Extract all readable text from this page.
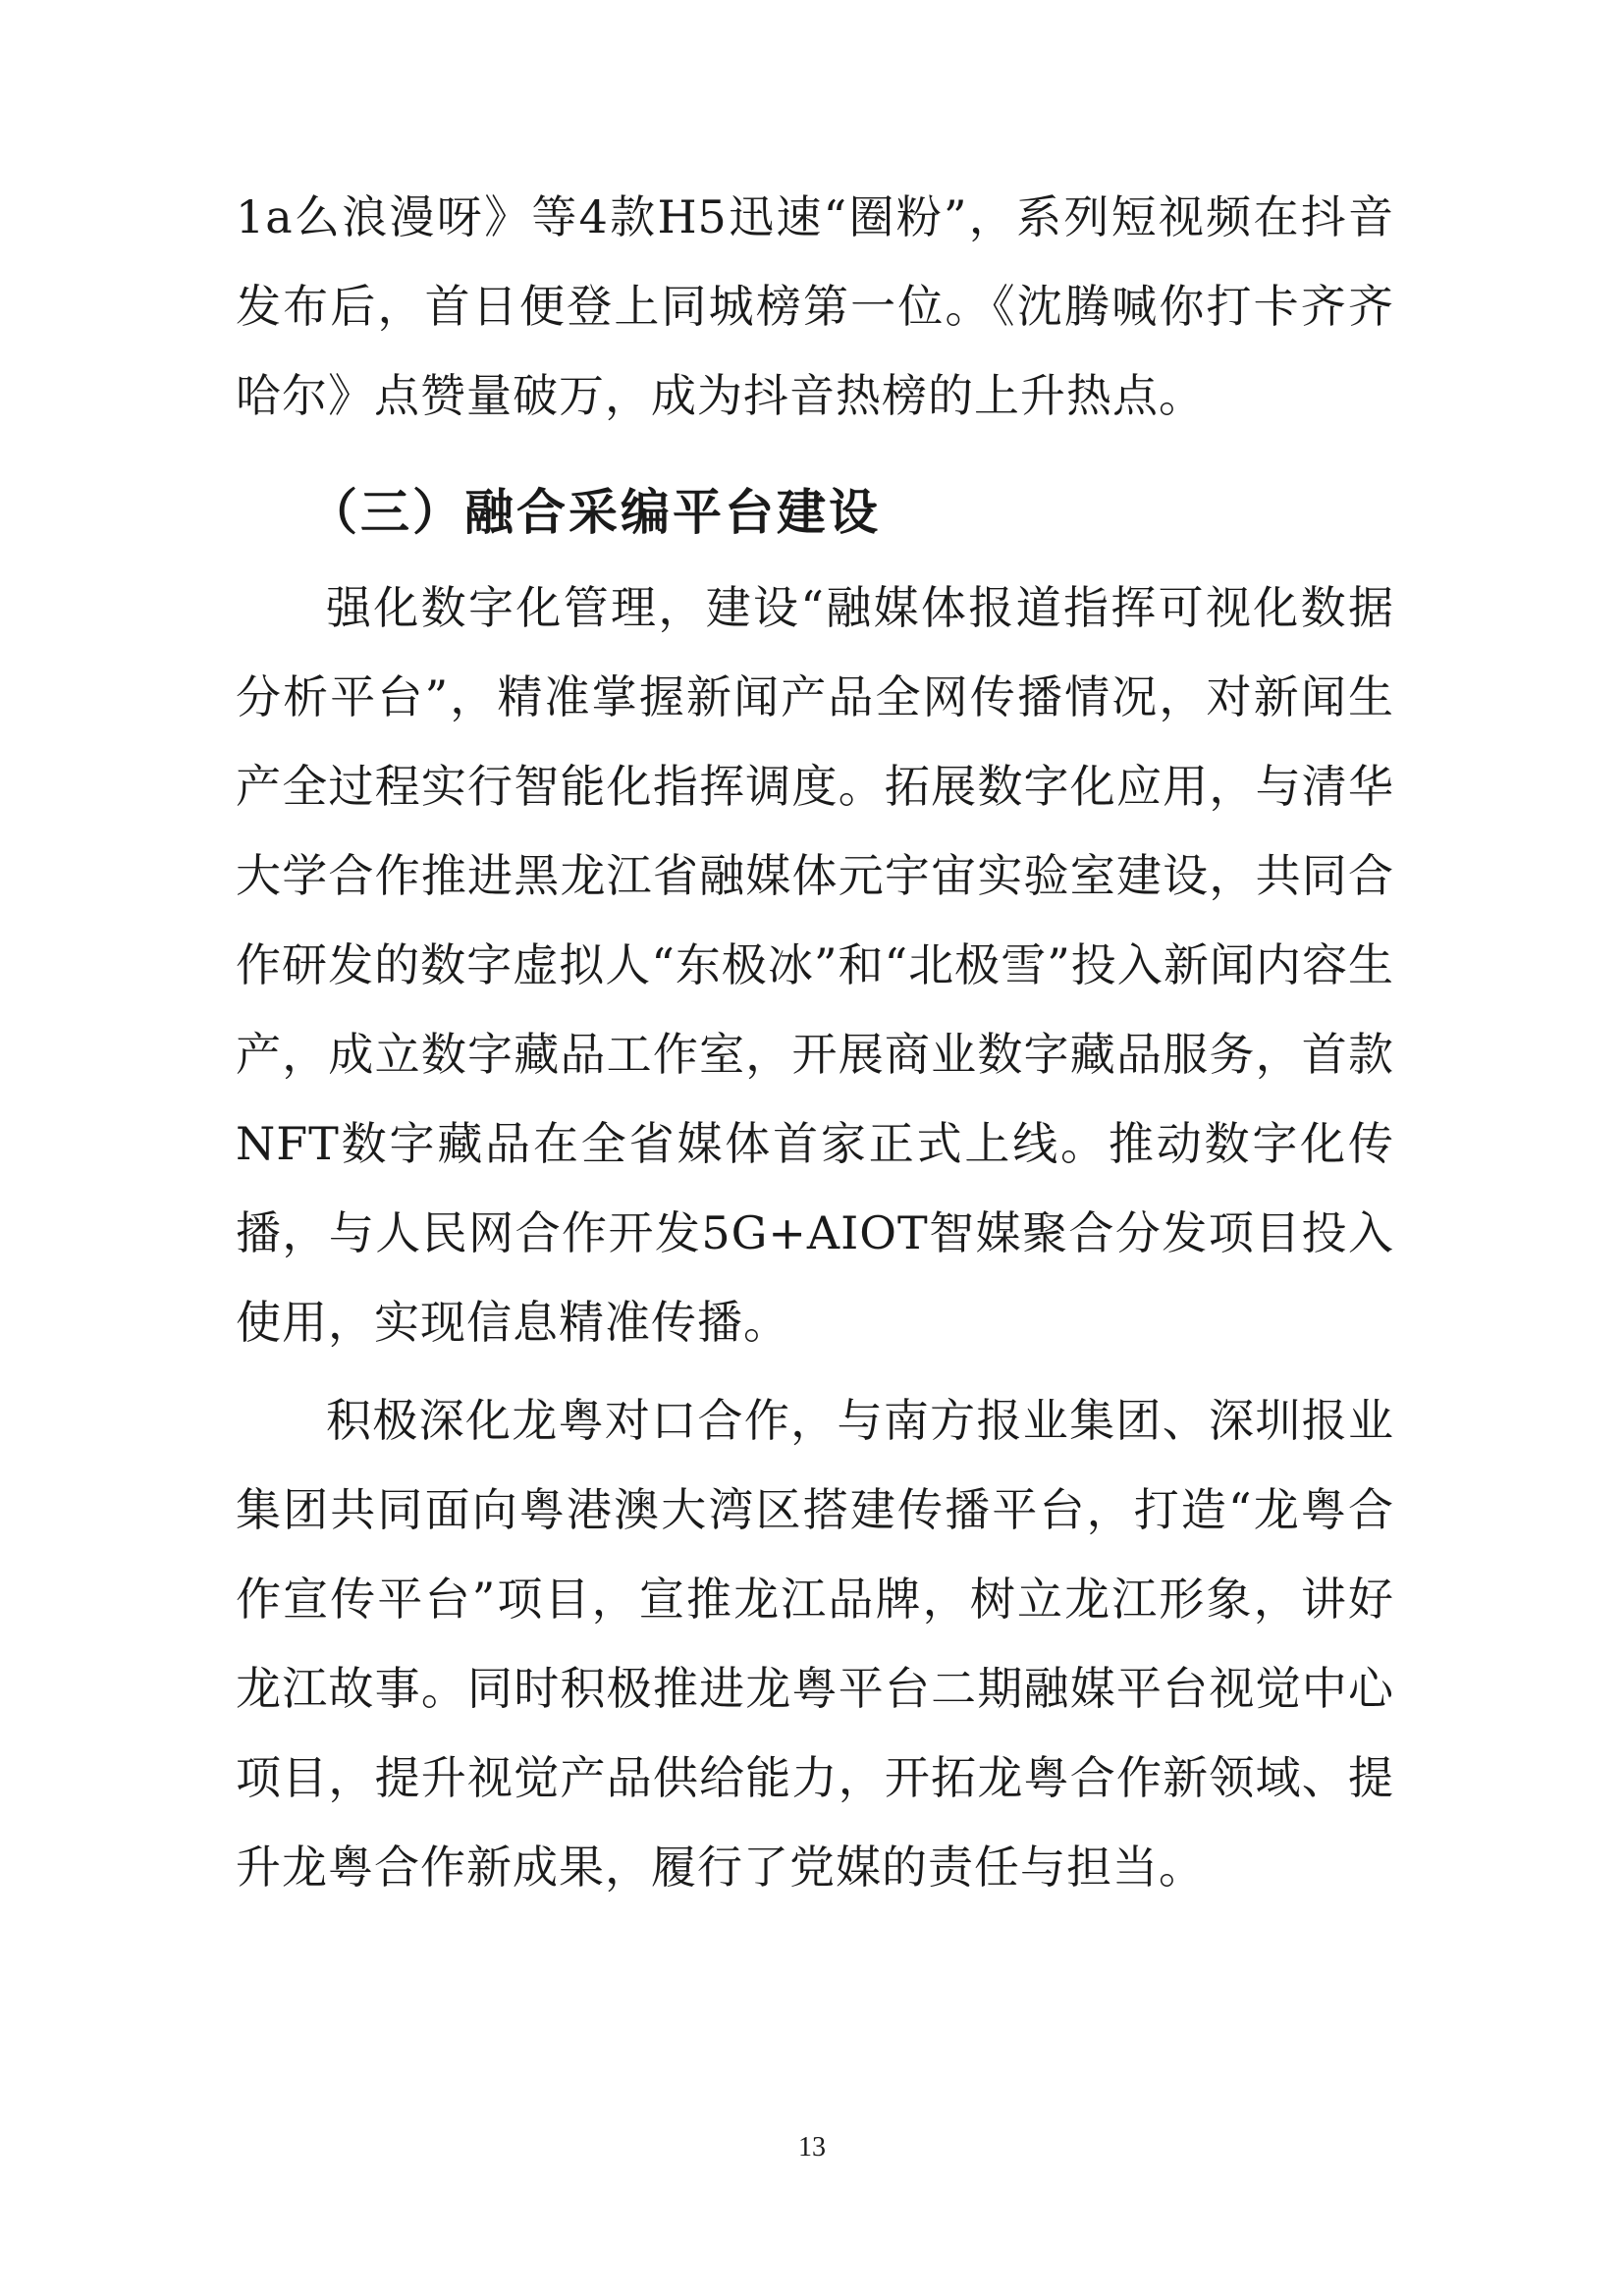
1a么浪漫呀》等4款H5迅速“圈粉”，系列短视频在抖音发布后，首日便登上同城榜第一位。《沈腾喊你打卡齐齐哈尔》点赞量破万，成为抖音热榜的上升热点。

（三）融合采编平台建设

强化数字化管理，建设“融媒体报道指挥可视化数据分析平台”，精准掌握新闻产品全网传播情况，对新闻生产全过程实行智能化指挥调度。拓展数字化应用，与清华大学合作推进黑龙江省融媒体元宇宙实验室建设，共同合作研发的数字虚拟人“东极冰”和“北极雪”投入新闻内容生产，成立数字藏品工作室，开展商业数字藏品服务，首款NFT数字藏品在全省媒体首家正式上线。推动数字化传播，与人民网合作开发5G+AIOT智媒聚合分发项目投入使用，实现信息精准传播。

积极深化龙粤对口合作，与南方报业集团、深圳报业集团共同面向粤港澳大湾区搭建传播平台，打造“龙粤合作宣传平台”项目，宣推龙江品牌，树立龙江形象，讲好龙江故事。同时积极推进龙粤平台二期融媒平台视觉中心项目，提升视觉产品供给能力，开拓龙粤合作新领域、提升龙粤合作新成果，履行了党媒的责任与担当。

13
